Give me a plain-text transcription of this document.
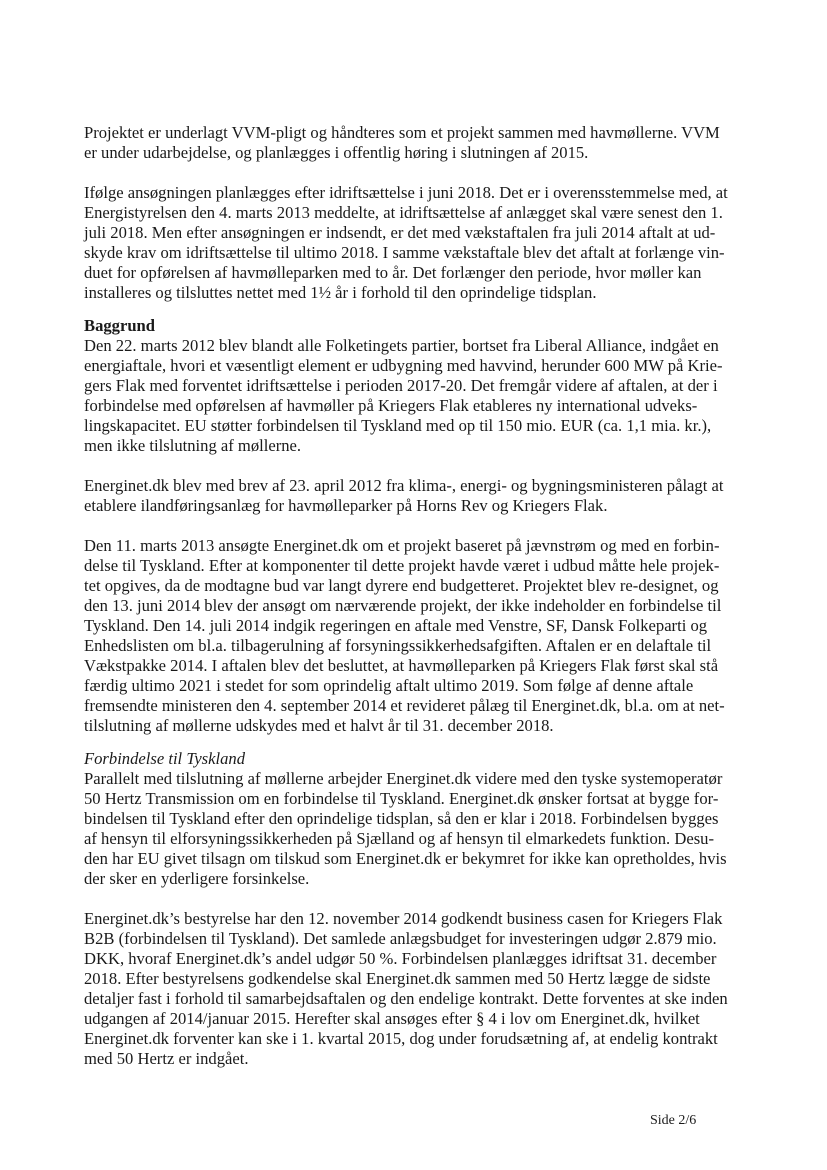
Projektet er underlagt VVM-pligt og håndteres som et projekt sammen med havmøllerne. VVM
er under udarbejdelse, og planlægges i offentlig høring i slutningen af 2015.
Ifølge ansøgningen planlægges efter idriftsættelse i juni 2018. Det er i overensstemmelse med, at
Energistyrelsen den 4. marts 2013 meddelte, at idriftsættelse af anlægget skal være senest den 1.
juli 2018. Men efter ansøgningen er indsendt, er det med vækstaftalen fra juli 2014 aftalt at ud-
skyde krav om idriftsættelse til ultimo 2018. I samme vækstaftale blev det aftalt at forlænge vin-
duet for opførelsen af havmølleparken med to år. Det forlænger den periode, hvor møller kan
installeres og tilsluttes nettet med 1½ år i forhold til den oprindelige tidsplan.
Baggrund
Den 22. marts 2012 blev blandt alle Folketingets partier, bortset fra Liberal Alliance, indgået en
energiaftale, hvori et væsentligt element er udbygning med havvind, herunder 600 MW på Krie-
gers Flak med forventet idriftsættelse i perioden 2017-20. Det fremgår videre af aftalen, at der i
forbindelse med opførelsen af havmøller på Kriegers Flak etableres ny international udveks-
lingskapacitet. EU støtter forbindelsen til Tyskland med op til 150 mio. EUR (ca. 1,1 mia. kr.),
men ikke tilslutning af møllerne.
Energinet.dk blev med brev af 23. april 2012 fra klima-, energi- og bygningsministeren pålagt at
etablere ilandføringsanlæg for havmølleparker på Horns Rev og Kriegers Flak.
Den 11. marts 2013 ansøgte Energinet.dk om et projekt baseret på jævnstrøm og med en forbin-
delse til Tyskland. Efter at komponenter til dette projekt havde været i udbud måtte hele projek-
tet opgives, da de modtagne bud var langt dyrere end budgetteret. Projektet blev re-designet, og
den 13. juni 2014 blev der ansøgt om nærværende projekt, der ikke indeholder en forbindelse til
Tyskland. Den 14. juli 2014 indgik regeringen en aftale med Venstre, SF, Dansk Folkeparti og
Enhedslisten om bl.a. tilbagerulning af forsyningssikkerhedsafgiften. Aftalen er en delaftale til
Vækstpakke 2014. I aftalen blev det besluttet, at havmølleparken på Kriegers Flak først skal stå
færdig ultimo 2021 i stedet for som oprindelig aftalt ultimo 2019. Som følge af denne aftale
fremsendte ministeren den 4. september 2014 et revideret pålæg til Energinet.dk, bl.a. om at net-
tilslutning af møllerne udskydes med et halvt år til 31. december 2018.
Forbindelse til Tyskland
Parallelt med tilslutning af møllerne arbejder Energinet.dk videre med den tyske systemoperatør
50 Hertz Transmission om en forbindelse til Tyskland. Energinet.dk ønsker fortsat at bygge for-
bindelsen til Tyskland efter den oprindelige tidsplan, så den er klar i 2018. Forbindelsen bygges
af hensyn til elforsyningssikkerheden på Sjælland og af hensyn til elmarkedets funktion. Desu-
den har EU givet tilsagn om tilskud som Energinet.dk er bekymret for ikke kan opretholdes, hvis
der sker en yderligere forsinkelse.
Energinet.dk’s bestyrelse har den 12. november 2014 godkendt business casen for Kriegers Flak
B2B (forbindelsen til Tyskland). Det samlede anlægsbudget for investeringen udgør 2.879 mio.
DKK, hvoraf Energinet.dk’s andel udgør 50 %. Forbindelsen planlægges idriftsat 31. december
2018. Efter bestyrelsens godkendelse skal Energinet.dk sammen med 50 Hertz lægge de sidste
detaljer fast i forhold til samarbejdsaftalen og den endelige kontrakt. Dette forventes at ske inden
udgangen af 2014/januar 2015. Herefter skal ansøges efter § 4 i lov om Energinet.dk, hvilket
Energinet.dk forventer kan ske i 1. kvartal 2015, dog under forudsætning af, at endelig kontrakt
med 50 Hertz er indgået.
Side 2/6
